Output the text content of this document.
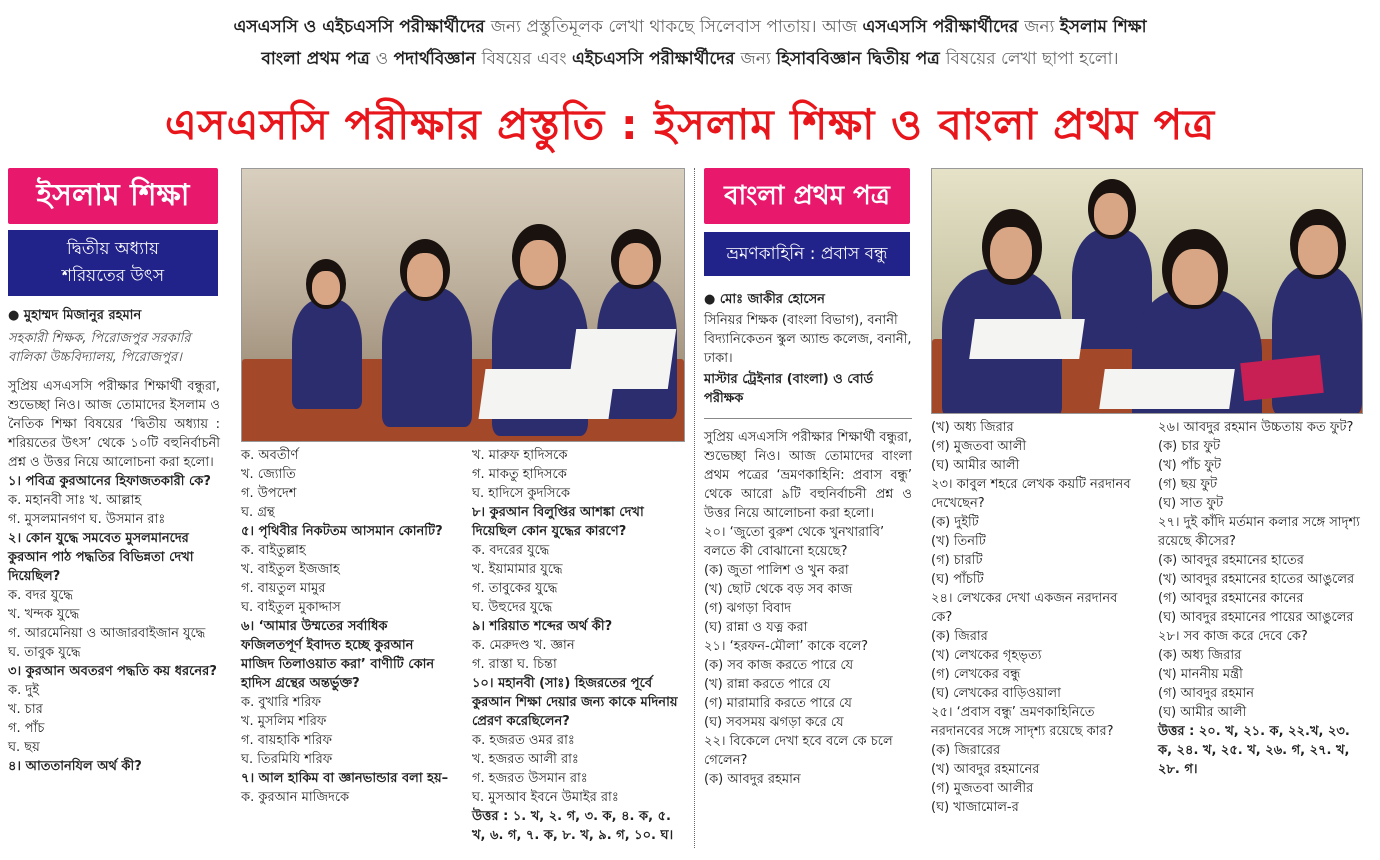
এসএসসি ও এইচএসসি পরীক্ষার্থীদের জন্য প্রস্তুতিমূলক লেখা থাকছে সিলেবাস পাতায়। আজ এসএসসি পরীক্ষার্থীদের জন্য ইসলাম শিক্ষা
বাংলা প্রথম পত্র ও পদার্থবিজ্ঞান বিষয়ের এবং এইচএসসি পরীক্ষার্থীদের জন্য হিসাববিজ্ঞান দ্বিতীয় পত্র বিষয়ের লেখা ছাপা হলো।
এসএসসি পরীক্ষার প্রস্তুতি : ইসলাম শিক্ষা ও বাংলা প্রথম পত্র
ইসলাম শিক্ষা
দ্বিতীয় অধ্যায়
শরিয়তের উৎস

● মুহাম্মদ মিজানুর রহমান

সহকারী শিক্ষক, পিরোজপুর সরকারি বালিকা উচ্চবিদ্যালয়, পিরোজপুর।

সুপ্রিয় এসএসসি পরীক্ষার শিক্ষার্থী বন্ধুরা, শুভেচ্ছা নিও। আজ তোমাদের ইসলাম ও নৈতিক শিক্ষা বিষয়ের ‘দ্বিতীয় অধ্যায় : শরিয়তের উৎস’ থেকে ১০টি বহুনির্বাচনী প্রশ্ন ও উত্তর নিয়ে আলোচনা করা হলো।

১। পবিত্র কুরআনের হিফাজতকারী কে?

ক. মহানবী সাঃ খ. আল্লাহ

গ. মুসলমানগণ ঘ. উসমান রাঃ

২। কোন যুদ্ধে সমবেত মুসলমানদের কুরআন পাঠ পদ্ধতির বিভিন্নতা দেখা দিয়েছিল?

ক. বদর যুদ্ধে

খ. খন্দক যুদ্ধে

গ. আরমেনিয়া ও আজারবাইজান যুদ্ধে ঘ. তাবুক যুদ্ধে

৩। কুরআন অবতরণ পদ্ধতি কয় ধরনের?

ক. দুই

খ. চার

গ. পাঁচ

ঘ. ছয়

৪। আততানযিল অর্থ কী?

ক. অবতীর্ণ

খ. জ্যোতি

গ. উপদেশ

ঘ. গ্রন্থ

৫। পৃথিবীর নিকটতম আসমান কোনটি?

ক. বাইতুল্লাহ

খ. বাইতুল ইজজাহ

গ. বায়তুল মামুর

ঘ. বাইতুল মুকাদ্দাস

৬। ‘আমার উম্মতের সর্বাধিক ফজিলতপূর্ণ ইবাদত হচ্ছে কুরআন মাজিদ তিলাওয়াত করা’ বাণীটি কোন হাদিস গ্রন্থের অন্তর্ভুক্ত?

ক. বুখারি শরিফ

খ. মুসলিম শরিফ

গ. বায়হাকি শরিফ

ঘ. তিরমিযি শরিফ

৭। আল হাকিম বা জ্ঞানভান্ডার বলা হয়–

ক. কুরআন মাজিদকে

খ. মারুফ হাদিসকে

গ. মাকতু হাদিসকে

ঘ. হাদিসে কুদসিকে

৮। কুরআন বিলুপ্তির আশঙ্কা দেখা দিয়েছিল কোন যুদ্ধের কারণে?

ক. বদরের যুদ্ধে

খ. ইয়ামামার যুদ্ধে

গ. তাবুকের যুদ্ধে

ঘ. উহুদের যুদ্ধে

৯। শরিয়াত শব্দের অর্থ কী?

ক. মেরুদণ্ড খ. জ্ঞান

গ. রাস্তা ঘ. চিন্তা

১০। মহানবী (সাঃ) হিজরতের পূর্বে কুরআন শিক্ষা দেয়ার জন্য কাকে মদিনায় প্রেরণ করেছিলেন?

ক. হজরত ওমর রাঃ

খ. হজরত আলী রাঃ

গ. হজরত উসমান রাঃ

ঘ. মুসআব ইবনে উমাইর রাঃ

উত্তর : ১. খ, ২. গ, ৩. ক, ৪. ক, ৫. খ, ৬. গ, ৭. ক, ৮. খ, ৯. গ, ১০. ঘ।

বাংলা প্রথম পত্র
ভ্রমণকাহিনি : প্রবাস বন্ধু

● মোঃ জাকীর হোসেন

সিনিয়র শিক্ষক (বাংলা বিভাগ), বনানী বিদ্যানিকেতন স্কুল অ্যান্ড কলেজ, বনানী, ঢাকা।

মাস্টার ট্রেইনার (বাংলা) ও বোর্ড পরীক্ষক

সুপ্রিয় এসএসসি পরীক্ষার শিক্ষার্থী বন্ধুরা, শুভেচ্ছা নিও। আজ তোমাদের বাংলা প্রথম পত্রের ‘ভ্রমণকাহিনি: প্রবাস বন্ধু’ থেকে আরো ৯টি বহুনির্বাচনী প্রশ্ন ও উত্তর নিয়ে আলোচনা করা হলো।

২০। ‘জুতো বুরুশ থেকে খুনখারাবি’ বলতে কী বোঝানো হয়েছে?

(ক) জুতা পালিশ ও খুন করা

(খ) ছোট থেকে বড় সব কাজ

(গ) ঝগড়া বিবাদ

(ঘ) রান্না ও যত্ন করা

২১। ‘হরফন-মৌলা’ কাকে বলে?

(ক) সব কাজ করতে পারে যে

(খ) রান্না করতে পারে যে

(গ) মারামারি করতে পারে যে

(ঘ) সবসময় ঝগড়া করে যে

২২। বিকেলে দেখা হবে বলে কে চলে গেলেন?

(ক) আবদুর রহমান

(খ) অধ্য জিরার

(গ) মুজতবা আলী

(ঘ) আমীর আলী

২৩। কাবুল শহরে লেখক কয়টি নরদানব দেখেছেন?

(ক) দুইটি

(খ) তিনটি

(গ) চারটি

(ঘ) পাঁচটি

২৪। লেখকের দেখা একজন নরদানব কে?

(ক) জিরার

(খ) লেখকের গৃহভৃত্য

(গ) লেখকের বন্ধু

(ঘ) লেখকের বাড়িওয়ালা

২৫। ‘প্রবাস বন্ধু’ ভ্রমণকাহিনিতে নরদানবের সঙ্গে সাদৃশ্য রয়েছে কার?

(ক) জিরারের

(খ) আবদুর রহমানের

(গ) মুজতবা আলীর

(ঘ) খাজামোল-র

২৬। আবদুর রহমান উচ্চতায় কত ফুট?

(ক) চার ফুট

(খ) পাঁচ ফুট

(গ) ছয় ফুট

(ঘ) সাত ফুট

২৭। দুই কাঁদি মর্তমান কলার সঙ্গে সাদৃশ্য রয়েছে কীসের?

(ক) আবদুর রহমানের হাতের

(খ) আবদুর রহমানের হাতের আঙুলের

(গ) আবদুর রহমানের কানের

(ঘ) আবদুর রহমানের পায়ের আঙুলের

২৮। সব কাজ করে দেবে কে?

(ক) অধ্য জিরার

(খ) মাননীয় মন্ত্রী

(গ) আবদুর রহমান

(ঘ) আমীর আলী

উত্তর : ২০. খ, ২১. ক, ২২.খ, ২৩. ক, ২৪. খ, ২৫. খ, ২৬. গ, ২৭. খ, ২৮. গ।
